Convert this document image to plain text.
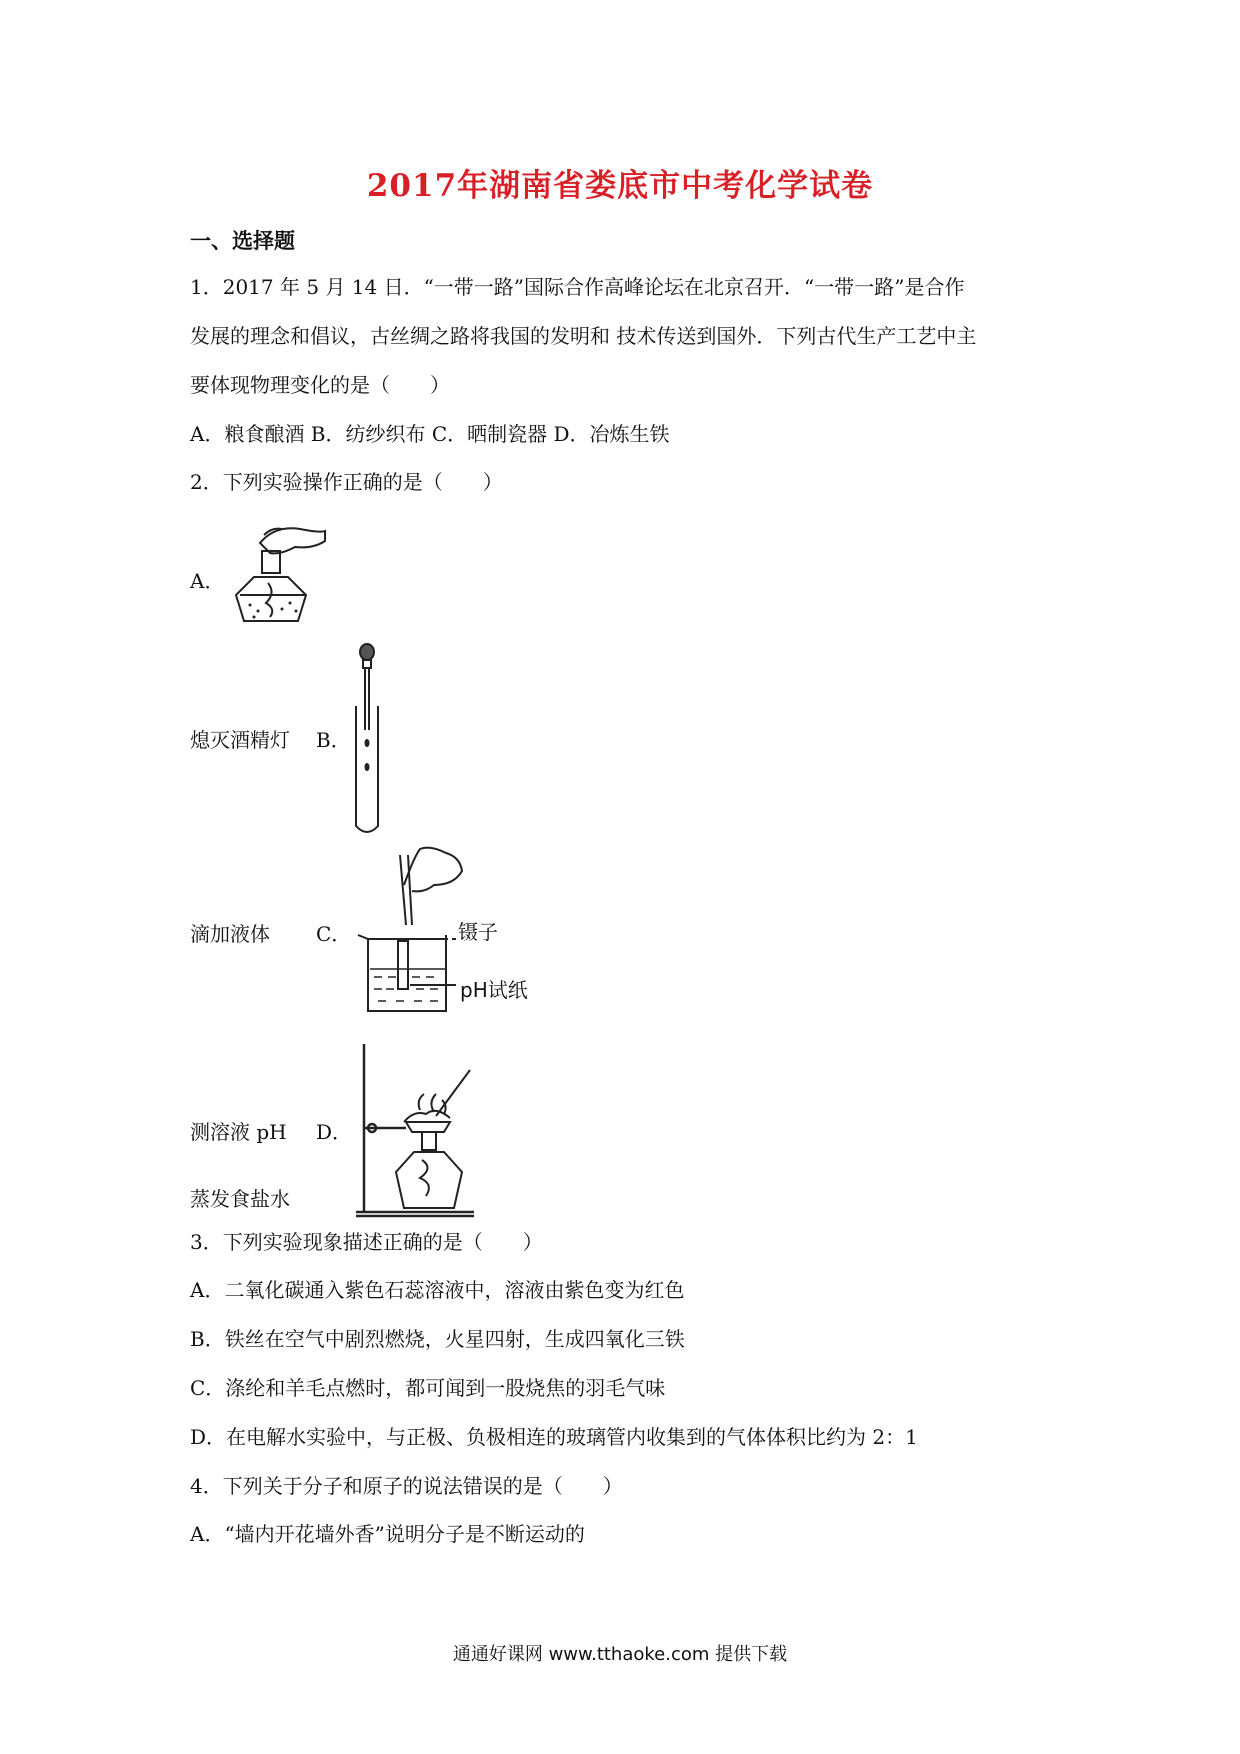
2017年湖南省娄底市中考化学试卷
一、选择题
1．2017 年 5 月 14 日．“一带一路”国际合作高峰论坛在北京召开．“一带一路”是合作
发展的理念和倡议，古丝绸之路将我国的发明和 技术传送到国外．下列古代生产工艺中主
要体现物理变化的是（　　）
A．粮食酿酒 B．纺纱织布 C．晒制瓷器 D．冶炼生铁
2．下列实验操作正确的是（　　）
A．
熄灭酒精灯 B．
滴加液体 C．	镊子
pH试纸
测溶液 pH D．
蒸发食盐水
3．下列实验现象描述正确的是（　　）
A．二氧化碳通入紫色石蕊溶液中，溶液由紫色变为红色
B．铁丝在空气中剧烈燃烧，火星四射，生成四氧化三铁
C．涤纶和羊毛点燃时，都可闻到一股烧焦的羽毛气味
D．在电解水实验中，与正极、负极相连的玻璃管内收集到的气体体积比约为 2：1
4．下列关于分子和原子的说法错误的是（　　）
A．“墙内开花墙外香”说明分子是不断运动的
通通好课网 www.tthaoke.com 提供下载
